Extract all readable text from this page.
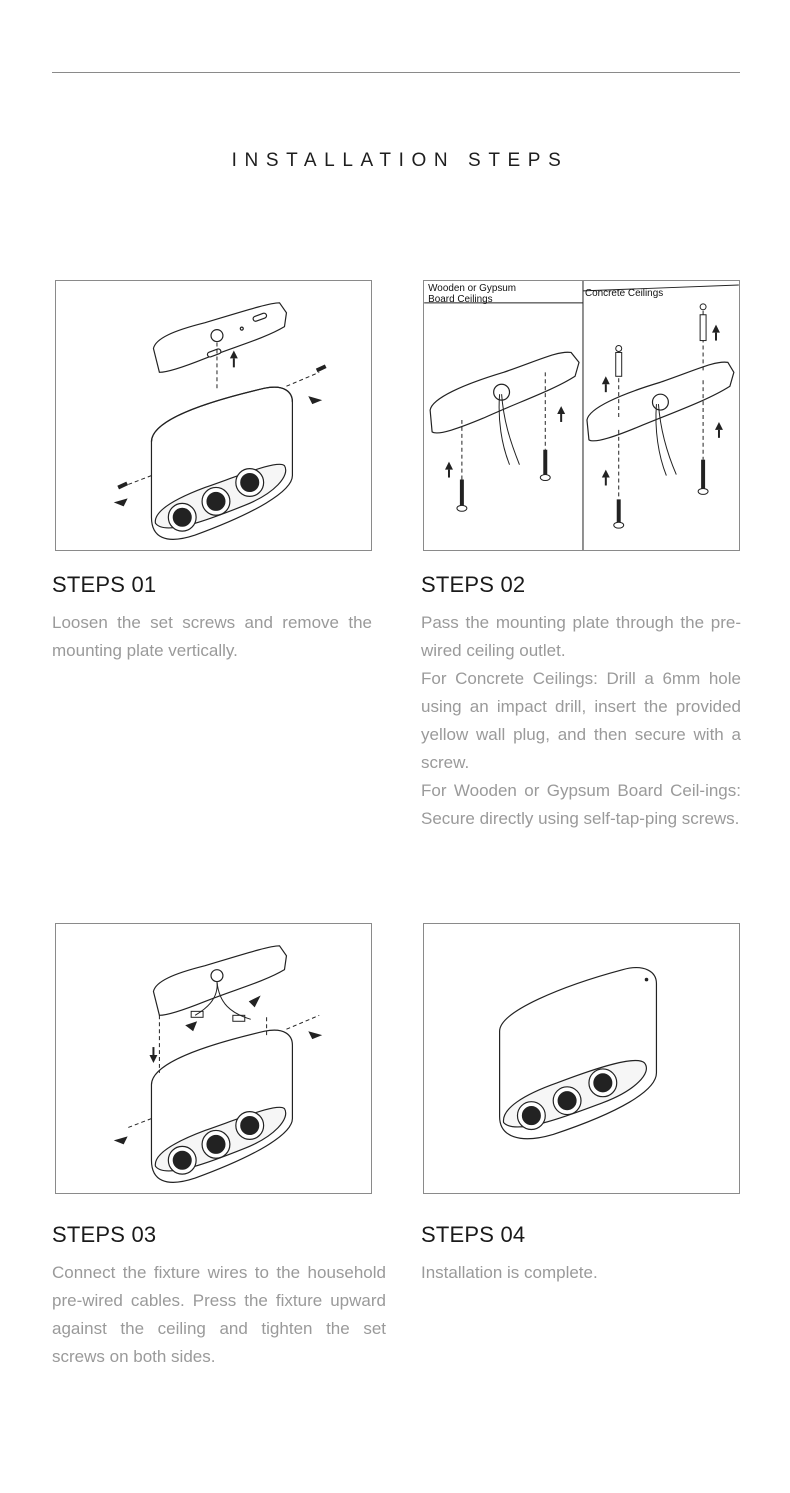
INSTALLATION STEPS
STEPS 01

Loosen the set screws and remove the mounting plate vertically.

Wooden or Gypsum
Board Ceilings
Concrete Ceilings
STEPS 02

Pass the mounting plate through the pre-wired ceiling outlet.

For Concrete Ceilings: Drill a 6mm hole using an impact drill, insert the provided yellow wall plug, and then secure with a screw.

For Wooden or Gypsum Board Ceil-ings: Secure directly using self-tap-ping screws.

STEPS 03

Connect the fixture wires to the household pre-wired cables. Press the fixture upward against the ceiling and tighten the set screws on both sides.

STEPS 04

Installation is complete.
